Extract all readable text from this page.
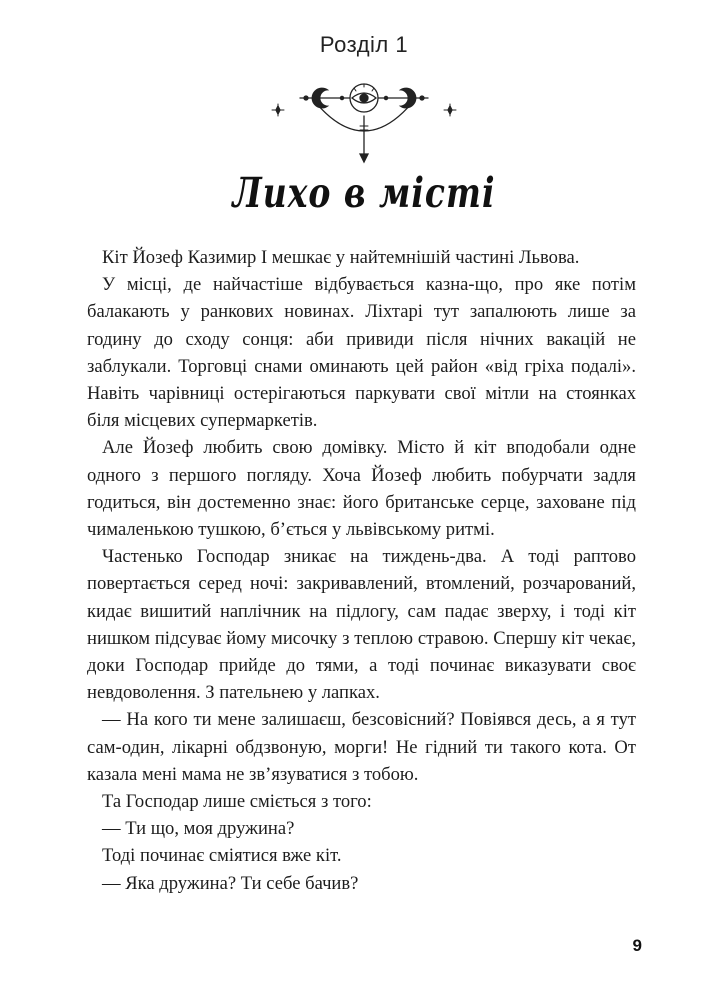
Розділ 1
Лихо в місті

Кіт Йозеф Казимир I мешкає у найтемнішій частині Львова.

У місці, де найчастіше відбувається казна-що, про яке потім балакають у ранкових новинах. Ліхтарі тут запалюють лише за годину до сходу сонця: аби привиди після нічних вакацій не заблукали. Торговці снами оминають цей район «від гріха подалі». Навіть чарівниці остерігаються паркувати свої мітли на стоянках біля місцевих супермаркетів.

Але Йозеф любить свою домівку. Місто й кіт вподобали одне одного з першого погляду. Хоча Йозеф любить побурчати задля годиться, він достеменно знає: його британське серце, заховане під чималенькою тушкою, б’ється у львівському ритмі.

Частенько Господар зникає на тиждень-два. А тоді раптово повертається серед ночі: закривавлений, втомлений, розчарований, кидає вишитий наплічник на підлогу, сам падає зверху, і тоді кіт нишком підсуває йому мисочку з теплою стравою. Спершу кіт чекає, доки Господар прийде до тями, а тоді починає виказувати своє невдоволення. З пательнею у лапках.

— На кого ти мене залишаєш, безсовісний? Повіявся десь, а я тут сам-один, лікарні обдзвоную, морги! Не гідний ти такого кота. От казала мені мама не зв’язуватися з тобою.

Та Господар лише сміється з того:

— Ти що, моя дружина?

Тоді починає сміятися вже кіт.

— Яка дружина? Ти себе бачив?

9
